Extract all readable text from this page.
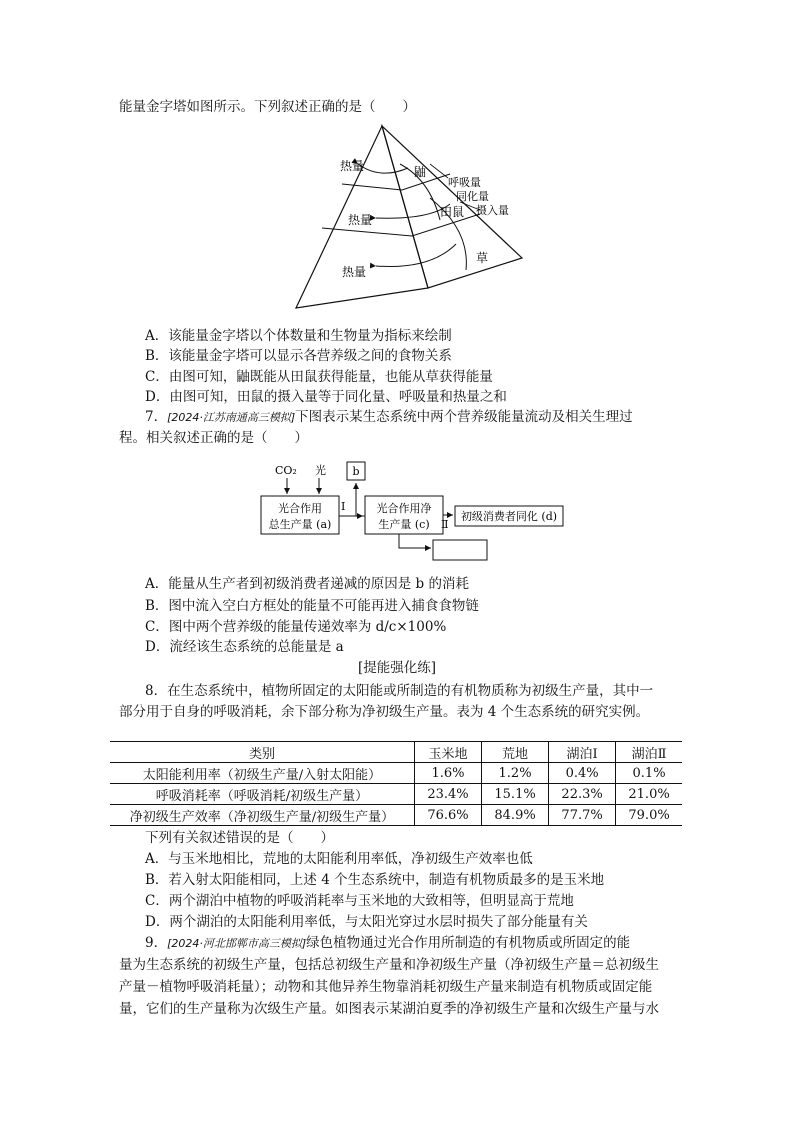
能量金字塔如图所示。下列叙述正确的是（　　）
热量	鼬
呼吸量
同化量
摄入量
田鼠
热量
草
热量
A．该能量金字塔以个体数量和生物量为指标来绘制
B．该能量金字塔可以显示各营养级之间的食物关系
C．由图可知，鼬既能从田鼠获得能量，也能从草获得能量
D．由图可知，田鼠的摄入量等于同化量、呼吸量和热量之和
7．[2024·江苏南通高三模拟]下图表示某生态系统中两个营养级能量流动及相关生理过
程。相关叙述正确的是（　　）
CO₂ 光
光合作用
总生产量 (a)
b
Ⅰ	光合作用净
生产量 (c) Ⅱ
初级消费者同化 (d)
A．能量从生产者到初级消费者递减的原因是 b 的消耗
B．图中流入空白方框处的能量不可能再进入捕食食物链
C．图中两个营养级的能量传递效率为 d/c×100%
D．流经该生态系统的总能量是 a
[提能强化练]
8．在生态系统中，植物所固定的太阳能或所制造的有机物质称为初级生产量，其中一
部分用于自身的呼吸消耗，余下部分称为净初级生产量。表为 4 个生态系统的研究实例。
类别	玉米地	荒地	湖泊Ⅰ	湖泊Ⅱ
太阳能利用率（初级生产量/入射太阳能）	1.6%	1.2%	0.4%	0.1%
呼吸消耗率（呼吸消耗/初级生产量）	23.4%	15.1%	22.3%	21.0%
净初级生产效率（净初级生产量/初级生产量）	76.6%	84.9%	77.7%	79.0%
下列有关叙述错误的是（　　）
A．与玉米地相比，荒地的太阳能利用率低，净初级生产效率也低
B．若入射太阳能相同，上述 4 个生态系统中，制造有机物质最多的是玉米地
C．两个湖泊中植物的呼吸消耗率与玉米地的大致相等，但明显高于荒地
D．两个湖泊的太阳能利用率低，与太阳光穿过水层时损失了部分能量有关
9．[2024·河北邯郸市高三模拟]绿色植物通过光合作用所制造的有机物质或所固定的能
量为生态系统的初级生产量，包括总初级生产量和净初级生产量（净初级生产量＝总初级生
产量－植物呼吸消耗量）；动物和其他异养生物靠消耗初级生产量来制造有机物质或固定能
量，它们的生产量称为次级生产量。如图表示某湖泊夏季的净初级生产量和次级生产量与水
